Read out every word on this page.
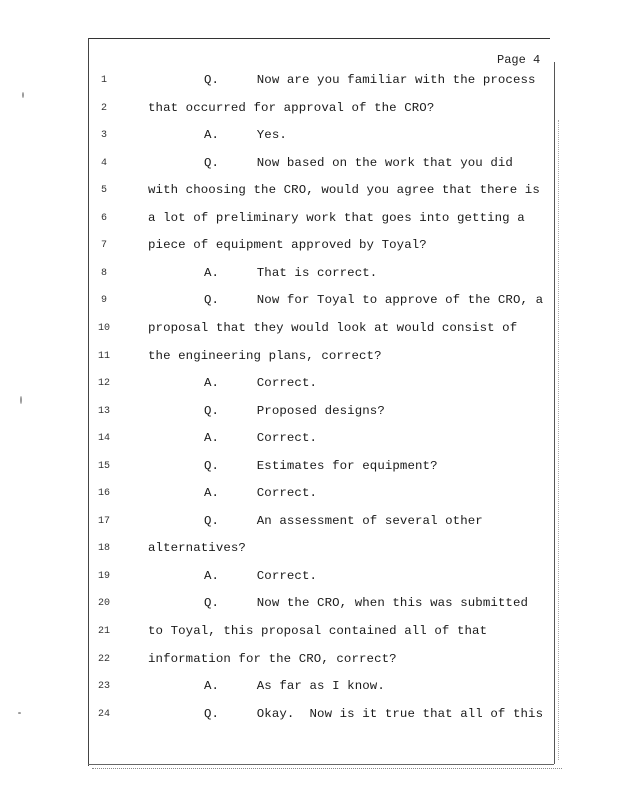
Page 4
1	Q.     Now are you familiar with the process
2	that occurred for approval of the CRO?
3	A.     Yes.
4	Q.     Now based on the work that you did
5	with choosing the CRO, would you agree that there is
6	a lot of preliminary work that goes into getting a
7	piece of equipment approved by Toyal?
8	A.     That is correct.
9	Q.     Now for Toyal to approve of the CRO, a
10	proposal that they would look at would consist of
11	the engineering plans, correct?
12	A.     Correct.
13	Q.     Proposed designs?
14	A.     Correct.
15	Q.     Estimates for equipment?
16	A.     Correct.
17	Q.     An assessment of several other
18	alternatives?
19	A.     Correct.
20	Q.     Now the CRO, when this was submitted
21	to Toyal, this proposal contained all of that
22	information for the CRO, correct?
23	A.     As far as I know.
24	Q.     Okay.  Now is it true that all of this
